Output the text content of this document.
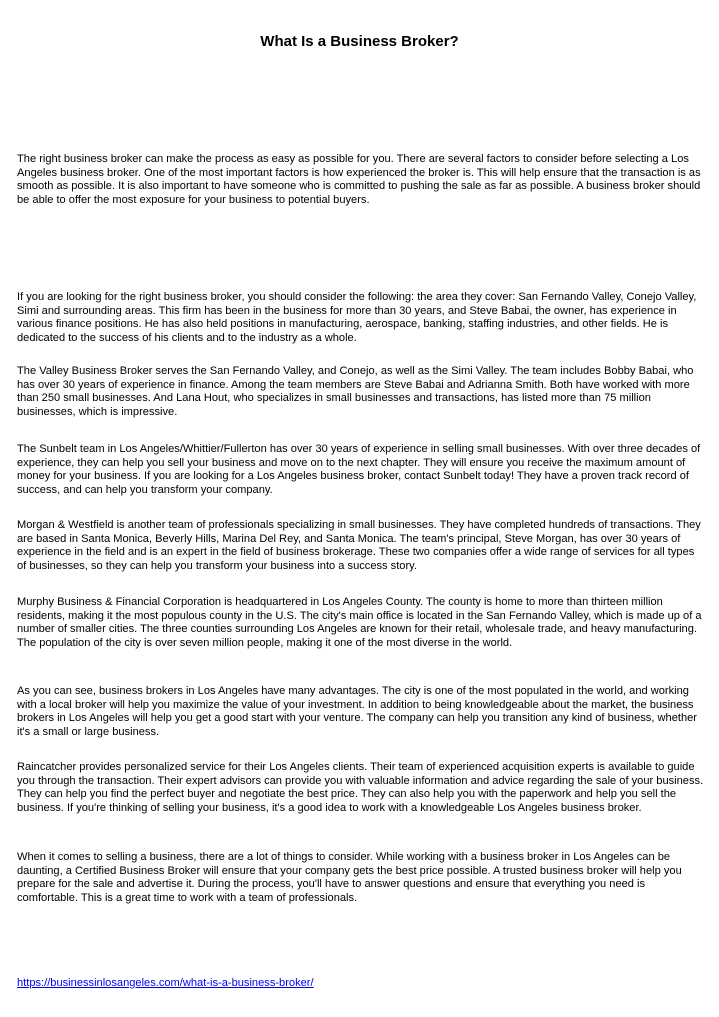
What Is a Business Broker?

The right business broker can make the process as easy as possible for you. There are several factors to consider before selecting a Los Angeles business broker. One of the most important factors is how experienced the broker is. This will help ensure that the transaction is as smooth as possible. It is also important to have someone who is committed to pushing the sale as far as possible. A business broker should be able to offer the most exposure for your business to potential buyers.

If you are looking for the right business broker, you should consider the following: the area they cover: San Fernando Valley, Conejo Valley, Simi and surrounding areas. This firm has been in the business for more than 30 years, and Steve Babai, the owner, has experience in various finance positions. He has also held positions in manufacturing, aerospace, banking, staffing industries, and other fields. He is dedicated to the success of his clients and to the industry as a whole.

The Valley Business Broker serves the San Fernando Valley, and Conejo, as well as the Simi Valley. The team includes Bobby Babai, who has over 30 years of experience in finance. Among the team members are Steve Babai and Adrianna Smith. Both have worked with more than 250 small businesses. And Lana Hout, who specializes in small businesses and transactions, has listed more than 75 million businesses, which is impressive.

The Sunbelt team in Los Angeles/Whittier/Fullerton has over 30 years of experience in selling small businesses. With over three decades of experience, they can help you sell your business and move on to the next chapter. They will ensure you receive the maximum amount of money for your business. If you are looking for a Los Angeles business broker, contact Sunbelt today! They have a proven track record of success, and can help you transform your company.

Morgan & Westfield is another team of professionals specializing in small businesses. They have completed hundreds of transactions. They are based in Santa Monica, Beverly Hills, Marina Del Rey, and Santa Monica. The team's principal, Steve Morgan, has over 30 years of experience in the field and is an expert in the field of business brokerage. These two companies offer a wide range of services for all types of businesses, so they can help you transform your business into a success story.

Murphy Business & Financial Corporation is headquartered in Los Angeles County. The county is home to more than thirteen million residents, making it the most populous county in the U.S. The city's main office is located in the San Fernando Valley, which is made up of a number of smaller cities. The three counties surrounding Los Angeles are known for their retail, wholesale trade, and heavy manufacturing. The population of the city is over seven million people, making it one of the most diverse in the world.

As you can see, business brokers in Los Angeles have many advantages. The city is one of the most populated in the world, and working with a local broker will help you maximize the value of your investment. In addition to being knowledgeable about the market, the business brokers in Los Angeles will help you get a good start with your venture. The company can help you transition any kind of business, whether it's a small or large business.

Raincatcher provides personalized service for their Los Angeles clients. Their team of experienced acquisition experts is available to guide you through the transaction. Their expert advisors can provide you with valuable information and advice regarding the sale of your business. They can help you find the perfect buyer and negotiate the best price. They can also help you with the paperwork and help you sell the business. If you're thinking of selling your business, it's a good idea to work with a knowledgeable Los Angeles business broker.

When it comes to selling a business, there are a lot of things to consider. While working with a business broker in Los Angeles can be daunting, a Certified Business Broker will ensure that your company gets the best price possible. A trusted business broker will help you prepare for the sale and advertise it. During the process, you'll have to answer questions and ensure that everything you need is comfortable. This is a great time to work with a team of professionals.

https://businessinlosangeles.com/what-is-a-business-broker/
